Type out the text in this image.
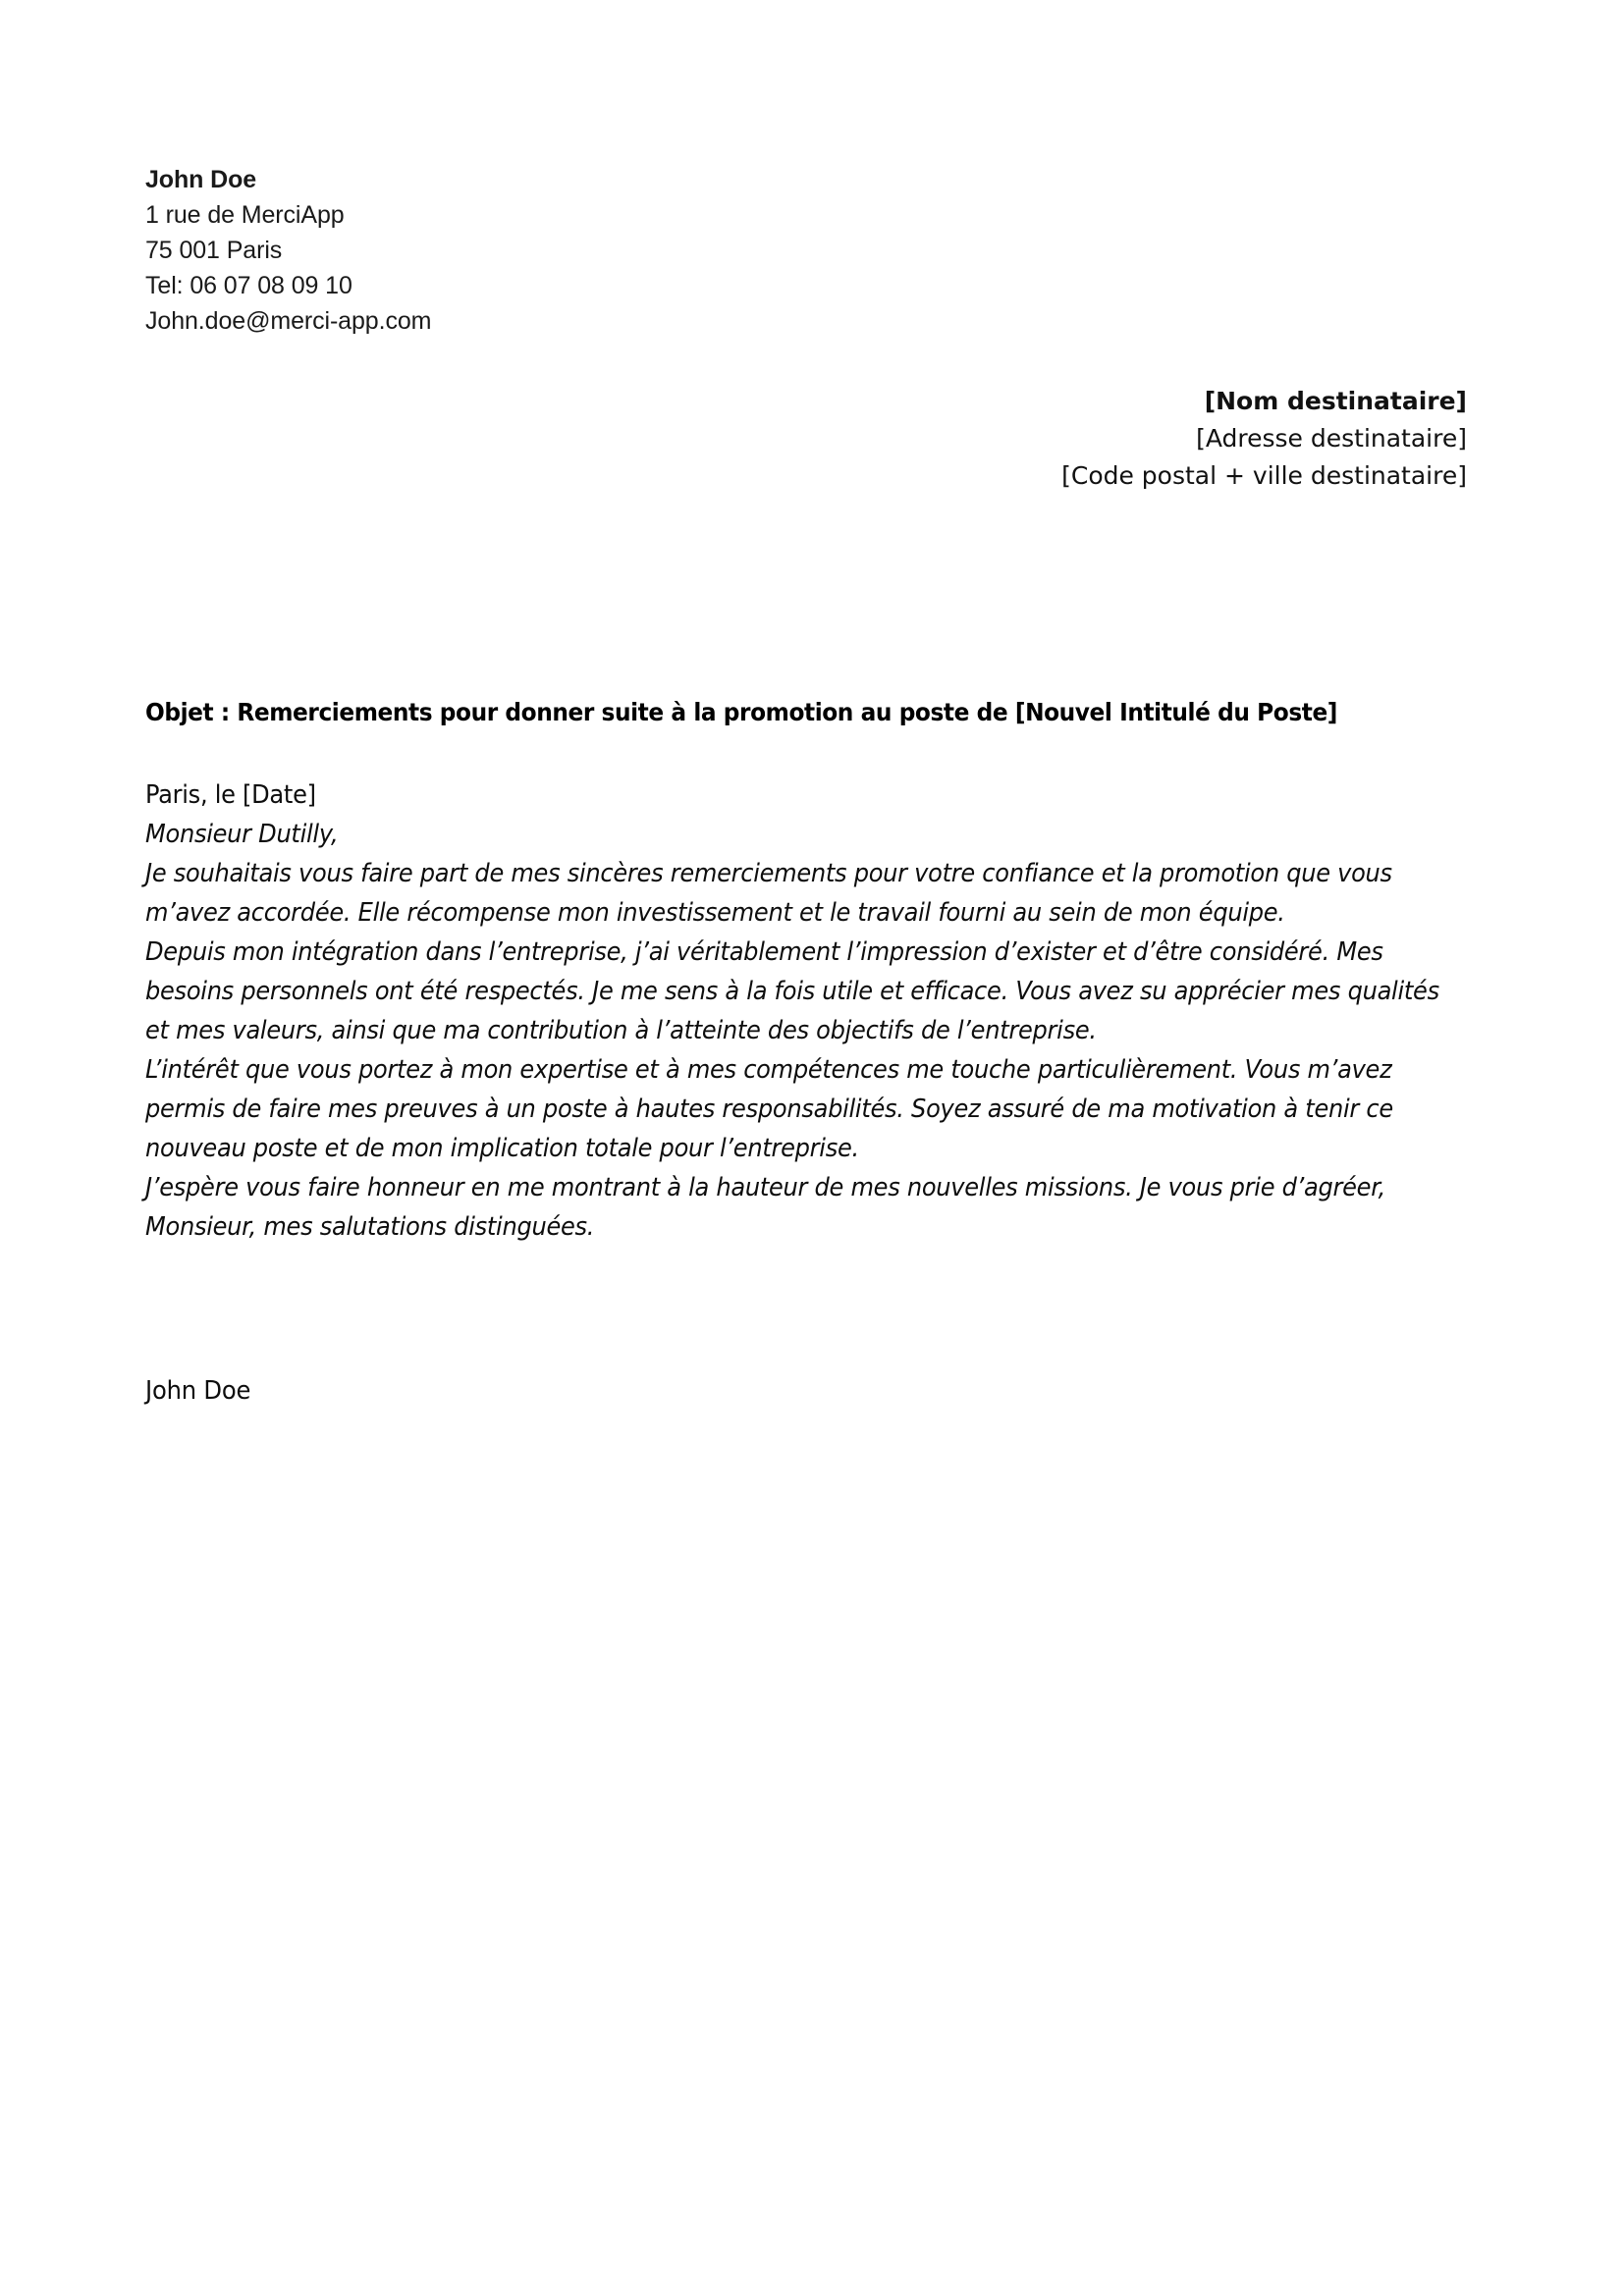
John Doe
1 rue de MerciApp
75 001 Paris
Tel: 06 07 08 09 10
John.doe@merci-app.com
[Nom destinataire]
[Adresse destinataire]
[Code postal + ville destinataire]
Objet : Remerciements pour donner suite à la promotion au poste de [Nouvel Intitulé du Poste]

Paris, le [Date]

Monsieur Dutilly,

Je souhaitais vous faire part de mes sincères remerciements pour votre confiance et la promotion que vous m’avez accordée. Elle récompense mon investissement et le travail fourni au sein de mon équipe.

Depuis mon intégration dans l’entreprise, j’ai véritablement l’impression d’exister et d’être considéré. Mes besoins personnels ont été respectés. Je me sens à la fois utile et efficace. Vous avez su apprécier mes qualités et mes valeurs, ainsi que ma contribution à l’atteinte des objectifs de l’entreprise.

L’intérêt que vous portez à mon expertise et à mes compétences me touche particulièrement. Vous m’avez permis de faire mes preuves à un poste à hautes responsabilités. Soyez assuré de ma motivation à tenir ce nouveau poste et de mon implication totale pour l’entreprise.

J’espère vous faire honneur en me montrant à la hauteur de mes nouvelles missions. Je vous prie d’agréer, Monsieur, mes salutations distinguées.

John Doe
